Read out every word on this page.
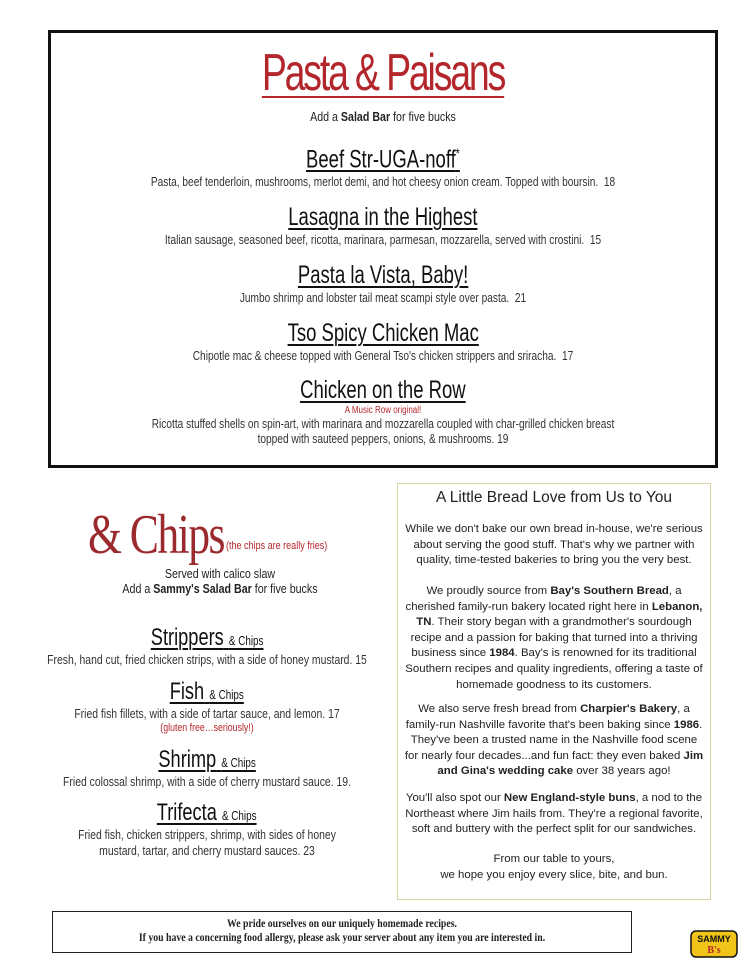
Pasta & Paisans
Add a Salad Bar for five bucks
Beef Str-UGA-noff*
Pasta, beef tenderloin, mushrooms, merlot demi, and hot cheesy onion cream. Topped with boursin. 18
Lasagna in the Highest
Italian sausage, seasoned beef, ricotta, marinara, parmesan, mozzarella, served with crostini. 15
Pasta la Vista, Baby!
Jumbo shrimp and lobster tail meat scampi style over pasta. 21
Tso Spicy Chicken Mac
Chipotle mac & cheese topped with General Tso's chicken strippers and sriracha. 17
Chicken on the Row
A Music Row original!
Ricotta stuffed shells on spin-art, with marinara and mozzarella coupled with char-grilled chicken breast
topped with sauteed peppers, onions, & mushrooms. 19
& Chips (the chips are really fries)
Served with calico slaw
Add a Sammy's Salad Bar for five bucks
Strippers & Chips
Fresh, hand cut, fried chicken strips, with a side of honey mustard. 15
Fish & Chips
Fried fish fillets, with a side of tartar sauce, and lemon. 17
(gluten free…seriously!)
Shrimp & Chips
Fried colossal shrimp, with a side of cherry mustard sauce. 19.
Trifecta & Chips
Fried fish, chicken strippers, shrimp, with sides of honey
mustard, tartar, and cherry mustard sauces. 23
A Little Bread Love from Us to You

While we don't bake our own bread in-house, we're serious about serving the good stuff. That's why we partner with quality, time-tested bakeries to bring you the very best.

We proudly source from Bay's Southern Bread, a cherished family-run bakery located right here in Lebanon, TN. Their story began with a grandmother's sourdough recipe and a passion for baking that turned into a thriving business since 1984. Bay's is renowned for its traditional Southern recipes and quality ingredients, offering a taste of homemade goodness to its customers.

We also serve fresh bread from Charpier's Bakery, a family-run Nashville favorite that's been baking since 1986. They've been a trusted name in the Nashville food scene for nearly four decades...and fun fact: they even baked Jim and Gina's wedding cake over 38 years ago!

You'll also spot our New England-style buns, a nod to the Northeast where Jim hails from. They're a regional favorite, soft and buttery with the perfect split for our sandwiches.

From our table to yours,
we hope you enjoy every slice, bite, and bun.

We pride ourselves on our uniquely homemade recipes.
If you have a concerning food allergy, please ask your server about any item you are interested in.	SAMMY
B's
